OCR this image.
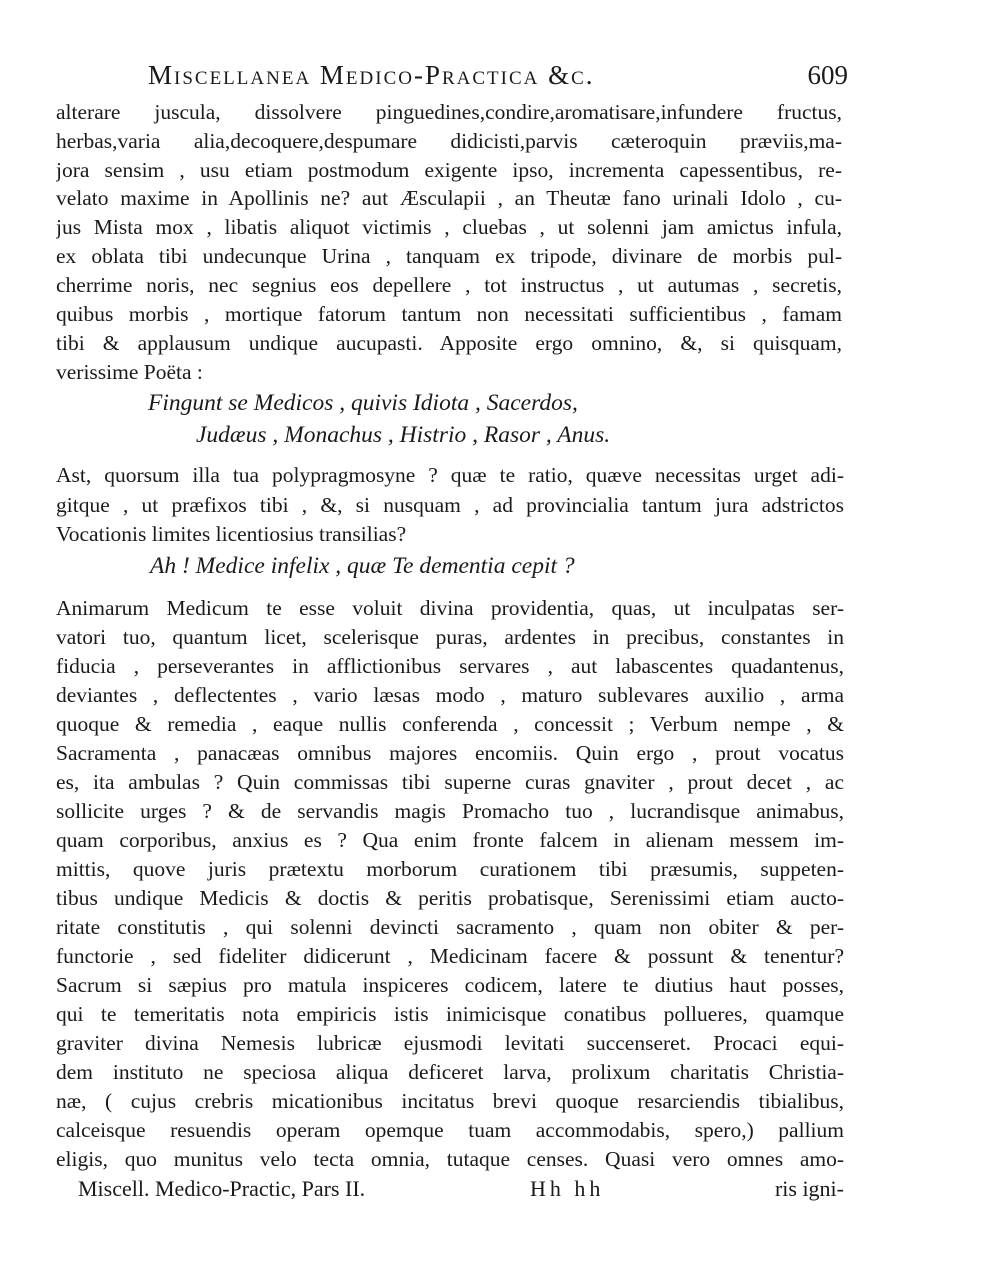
Miscellanea Medico-Practica &c.	609

alterare juscula, dissolvere pinguedines,condire,aromatisare,infundere fructus,

herbas,varia alia,decoquere,despumare didicisti,parvis cæteroquin præviis,ma-

jora sensim , usu etiam postmodum exigente ipso, incrementa capessentibus, re-

velato maxime in Apollinis ne? aut Æsculapii , an Theutæ fano urinali Idolo , cu-

jus Mista mox , libatis aliquot victimis , cluebas , ut solenni jam amictus infula,

ex oblata tibi undecunque Urina , tanquam ex tripode, divinare de morbis pul-

cherrime noris, nec segnius eos depellere , tot instructus , ut autumas , secretis,

quibus morbis , mortique fatorum tantum non necessitati sufficientibus , famam

tibi & applausum undique aucupasti. Apposite ergo omnino, &, si quisquam,

verissime Poëta :

Fingunt se Medicos , quivis Idiota , Sacerdos,

Judæus , Monachus , Histrio , Rasor , Anus.

Ast, quorsum illa tua polypragmosyne ? quæ te ratio, quæve necessitas urget adi-

gitque , ut præfixos tibi , &, si nusquam , ad provincialia tantum jura adstrictos

Vocationis limites licentiosius transilias?

Ah ! Medice infelix , quæ Te dementia cepit ?

Animarum Medicum te esse voluit divina providentia, quas, ut inculpatas ser-

vatori tuo, quantum licet, scelerisque puras, ardentes in precibus, constantes in

fiducia , perseverantes in afflictionibus servares , aut labascentes quadantenus,

deviantes , deflectentes , vario læsas modo , maturo sublevares auxilio , arma

quoque & remedia , eaque nullis conferenda , concessit ; Verbum nempe , &

Sacramenta , panacæas omnibus majores encomiis. Quin ergo , prout vocatus

es, ita ambulas ? Quin commissas tibi superne curas gnaviter , prout decet , ac

sollicite urges ? & de servandis magis Promacho tuo , lucrandisque animabus,

quam corporibus, anxius es ? Qua enim fronte falcem in alienam messem im-

mittis, quove juris prætextu morborum curationem tibi præsumis, suppeten-

tibus undique Medicis & doctis & peritis probatisque, Serenissimi etiam aucto-

ritate constitutis , qui solenni devincti sacramento , quam non obiter & per-

functorie , sed fideliter didicerunt , Medicinam facere & possunt & tenentur?

Sacrum si sæpius pro matula inspiceres codicem, latere te diutius haut posses,

qui te temeritatis nota empiricis istis inimicisque conatibus pollueres, quamque

graviter divina Nemesis lubricæ ejusmodi levitati succenseret. Procaci equi-

dem instituto ne speciosa aliqua deficeret larva, prolixum charitatis Christia-

næ, ( cujus crebris micationibus incitatus brevi quoque resarciendis tibialibus,

calceisque resuendis operam opemque tuam accommodabis, spero,) pallium

eligis, quo munitus velo tecta omnia, tutaque censes. Quasi vero omnes amo-

Miscell. Medico-Practic, Pars II.	Hh hh	ris igni-
